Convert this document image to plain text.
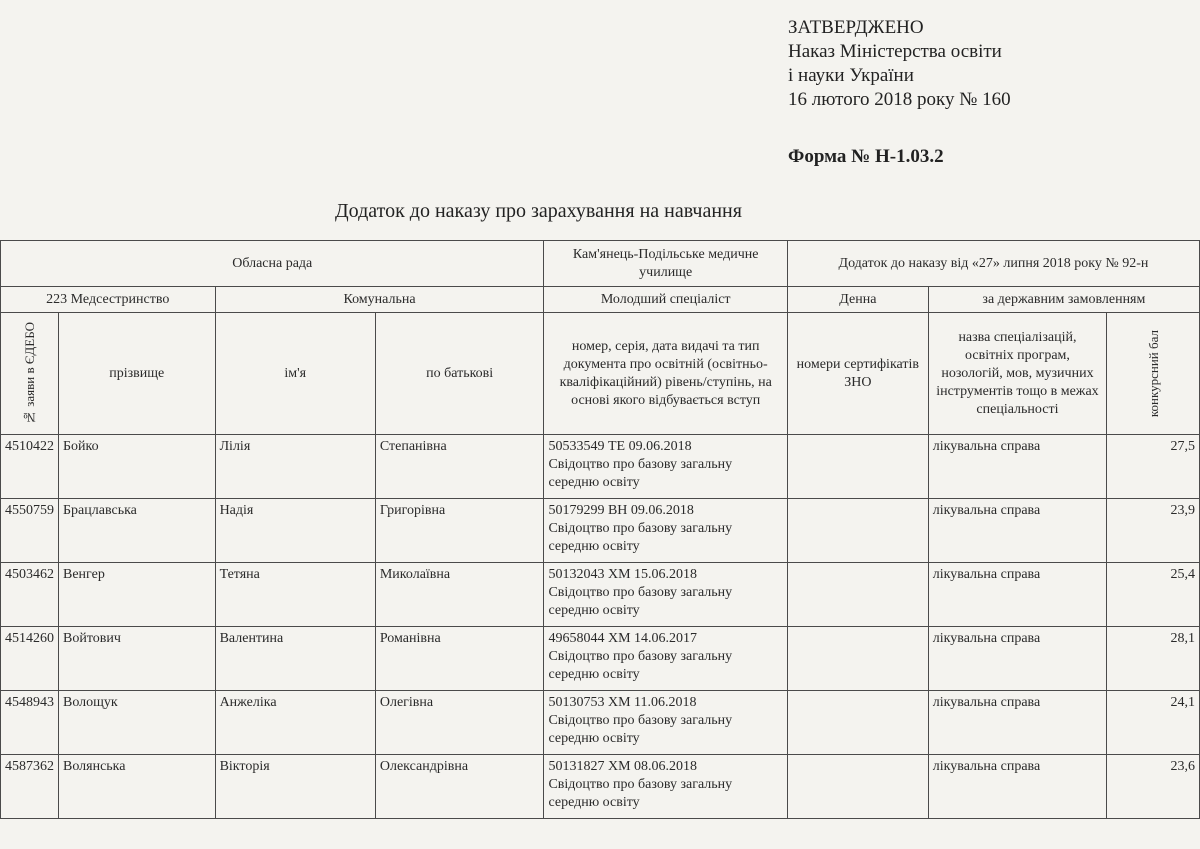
ЗАТВЕРДЖЕНО
Наказ Міністерства освіти
і науки України
16 лютого 2018 року № 160
Форма № Н-1.03.2
Додаток до наказу про зарахування на навчання
Обласна рада				Кам'янець-Подільське медичне училище	Додаток до наказу від «27» липня 2018 року № 92-н		
223 Медсестринство		Комунальна		Молодший спеціаліст	Денна	за державним замовленням	

№ заяви в ЄДЕБО	прізвище	ім'я	по батькові	номер, серія, дата видачі та тип документа про освітній (освітньо-кваліфікаційний) рівень/ступінь, на основі якого відбувається вступ	номери сертифікатів ЗНО	назва спеціалізацій, освітніх програм, нозологій, мов, музичних інструментів тощо в межах спеціальності	конкурсний бал

4510422	Бойко	Лілія	Степанівна	50533549 ТЕ 09.06.2018
Свідоцтво про базову загальну середню освіту		лікувальна справа	27,5
4550759	Брацлавська	Надія	Григорівна	50179299 ВН 09.06.2018
Свідоцтво про базову загальну середню освіту		лікувальна справа	23,9
4503462	Венгер	Тетяна	Миколаївна	50132043 ХМ 15.06.2018
Свідоцтво про базову загальну середню освіту		лікувальна справа	25,4
4514260	Войтович	Валентина	Романівна	49658044 ХМ 14.06.2017
Свідоцтво про базову загальну середню освіту		лікувальна справа	28,1
4548943	Волощук	Анжеліка	Олегівна	50130753 ХМ 11.06.2018
Свідоцтво про базову загальну середню освіту		лікувальна справа	24,1
4587362	Волянська	Вікторія	Олександрівна	50131827 ХМ 08.06.2018
Свідоцтво про базову загальну середню освіту		лікувальна справа	23,6
